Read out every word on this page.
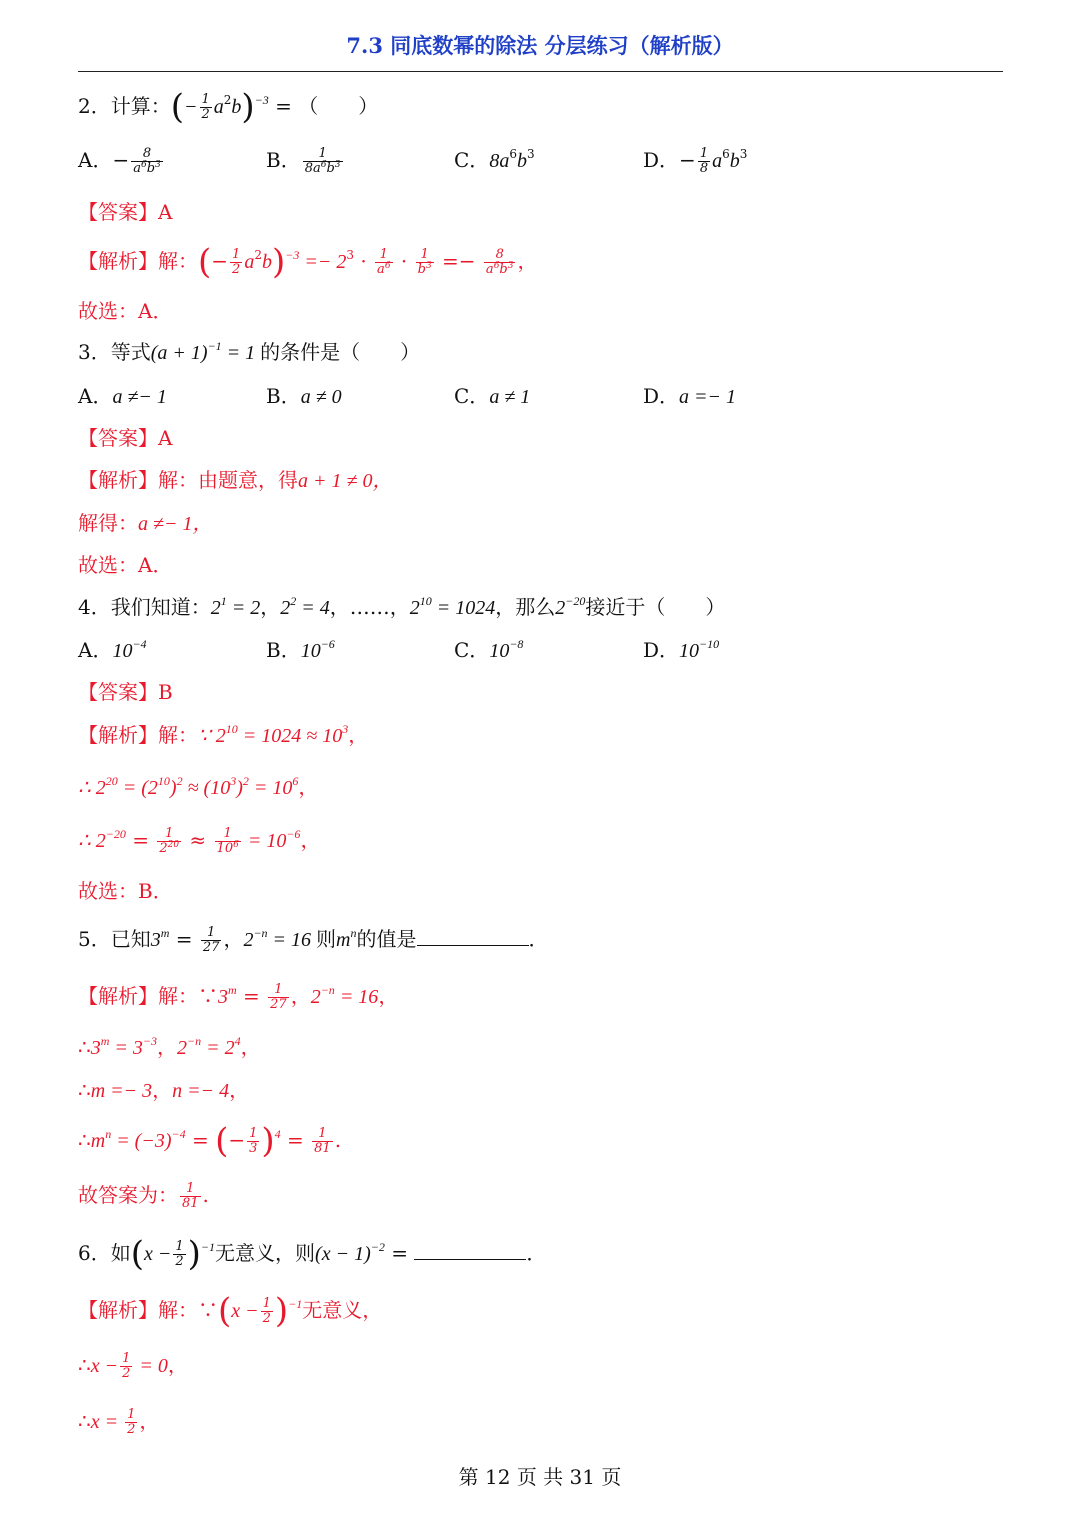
7.3 同底数幂的除法 分层练习（解析版）
2．计算：(− $\frac{1}{2} a^2b)^{-3}$ = （　　）
A．− $\frac{8}{a^6b^3}$	B． $\frac{1}{8a^6b^3}$	C．$8a^6b^3$	D．− $\frac{1}{8} a^6b^3$
【答案】A
【解析】解：(− $\frac{1}{2} a^2b)^{-3} =- 2^3 \cdot \frac{1}{a^6} \cdot \frac{1}{b^3} =- \frac{8}{a^6b^3}$ ，
故选：A．
3．等式$(a + 1)^{-1} = 1$ 的条件是（　　）
A．a ≠− 1	B．a ≠ 0	C．a ≠ 1	D．a =− 1
【答案】A
【解析】解：由题意，得a + 1 ≠ 0，
解得：a ≠− 1，
故选：A．
4．我们知道：$2^1 = 2$，$2^2 = 4$，……，$2^{10} = 1024$，那么$2^{-20}$接近于（　　）
A．$10^{-4}$	B．$10^{-6}$	C．$10^{-8}$	D．$10^{-10}$
【答案】B
【解析】解：∵ $2^{10} = 1024 \approx 10^3$，
∴ $2^{20} = (2^{10})^2 \approx (10^3)^2 = 10^6$，
∴ $2^{-20} = \frac{1}{2^{20}} \approx \frac{1}{10^6} = 10^{-6}$，
故选：B．
5．已知$3^m = \frac{1}{27}$ ，$2^{-n} = 16$ 则$m^n$的值是	．
【解析】解：$\because 3^m = \frac{1}{27}$ ，$2^{-n} = 16$，
$\therefore 3^m = 3^{-3}$，$2^{-n} = 2^4$，
∴m =− 3，n =− 4，
$\therefore m^n = (-3)^{-4}$ = (− $\frac{1}{3} )^4 = \frac{1}{81}$ .
故答案为： $\frac{1}{81}$ .
6．如$(x - \frac{1}{2} )^{-1}$无意义，则$(x - 1)^{-2}$ =	．
【解析】解：∵(x − $\frac{1}{2} )^{-1}$无意义，
∴x − $\frac{1}{2} = 0$，
∴x = $\frac{1}{2}$ ，
第 12 页 共 31 页
